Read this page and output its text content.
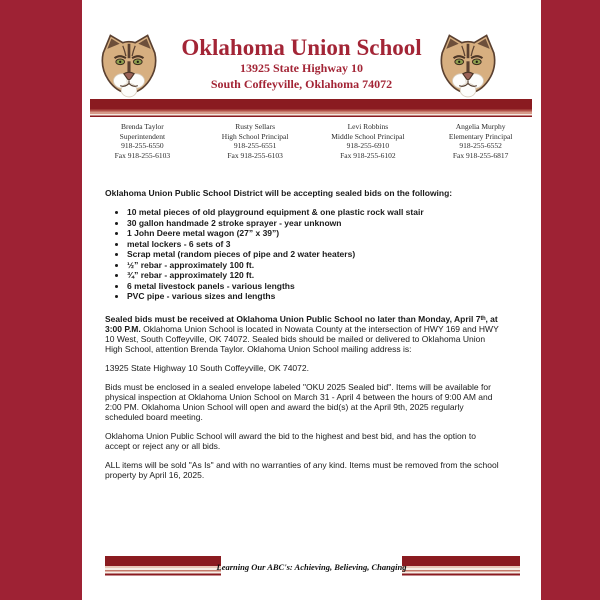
Oklahoma Union School
13925 State Highway 10
South Coffeyville, Oklahoma 74072
Brenda Taylor
Superintendent
918-255-6550
Fax 918-255-6103
Rusty Sellars
High School Principal
918-255-6551
Fax 918-255-6103
Levi Robbins
Middle School Principal
918-255-6910
Fax 918-255-6102
Angelia Murphy
Elementary Principal
918-255-6552
Fax 918-255-6817
Oklahoma Union Public School District will be accepting sealed bids on the following:
• 10 metal pieces of old playground equipment & one plastic rock wall stair
• 30 gallon handmade 2 stroke sprayer - year unknown
• 1 John Deere metal wagon (27” x 39”)
• metal lockers - 6 sets of 3
• Scrap metal (random pieces of pipe and 2 water heaters)
• ½” rebar - approximately 100 ft.
• ¾” rebar - approximately 120 ft.
• 6 metal livestock panels - various lengths
• PVC pipe - various sizes and lengths

Sealed bids must be received at Oklahoma Union Public School no later than Monday, April 7ᵗʰ, at 3:00 P.M. Oklahoma Union School is located in Nowata County at the intersection of HWY 169 and HWY 10 West, South Coffeyville, OK 74072. Sealed bids should be mailed or delivered to Oklahoma Union High School, attention Brenda Taylor. Oklahoma Union School mailing address is:

13925 State Highway 10 South Coffeyville, OK 74072.

Bids must be enclosed in a sealed envelope labeled "OKU 2025 Sealed bid". Items will be available for physical inspection at Oklahoma Union School on March 31 - April 4 between the hours of 9:00 AM and 2:00 PM. Oklahoma Union School will open and award the bid(s) at the April 9th, 2025 regularly scheduled board meeting.

Oklahoma Union Public School will award the bid to the highest and best bid, and has the option to accept or reject any or all bids.

ALL items will be sold "As Is" and with no warranties of any kind. Items must be removed from the school property by April 16, 2025.

Learning Our ABC's: Achieving, Believing, Changing
